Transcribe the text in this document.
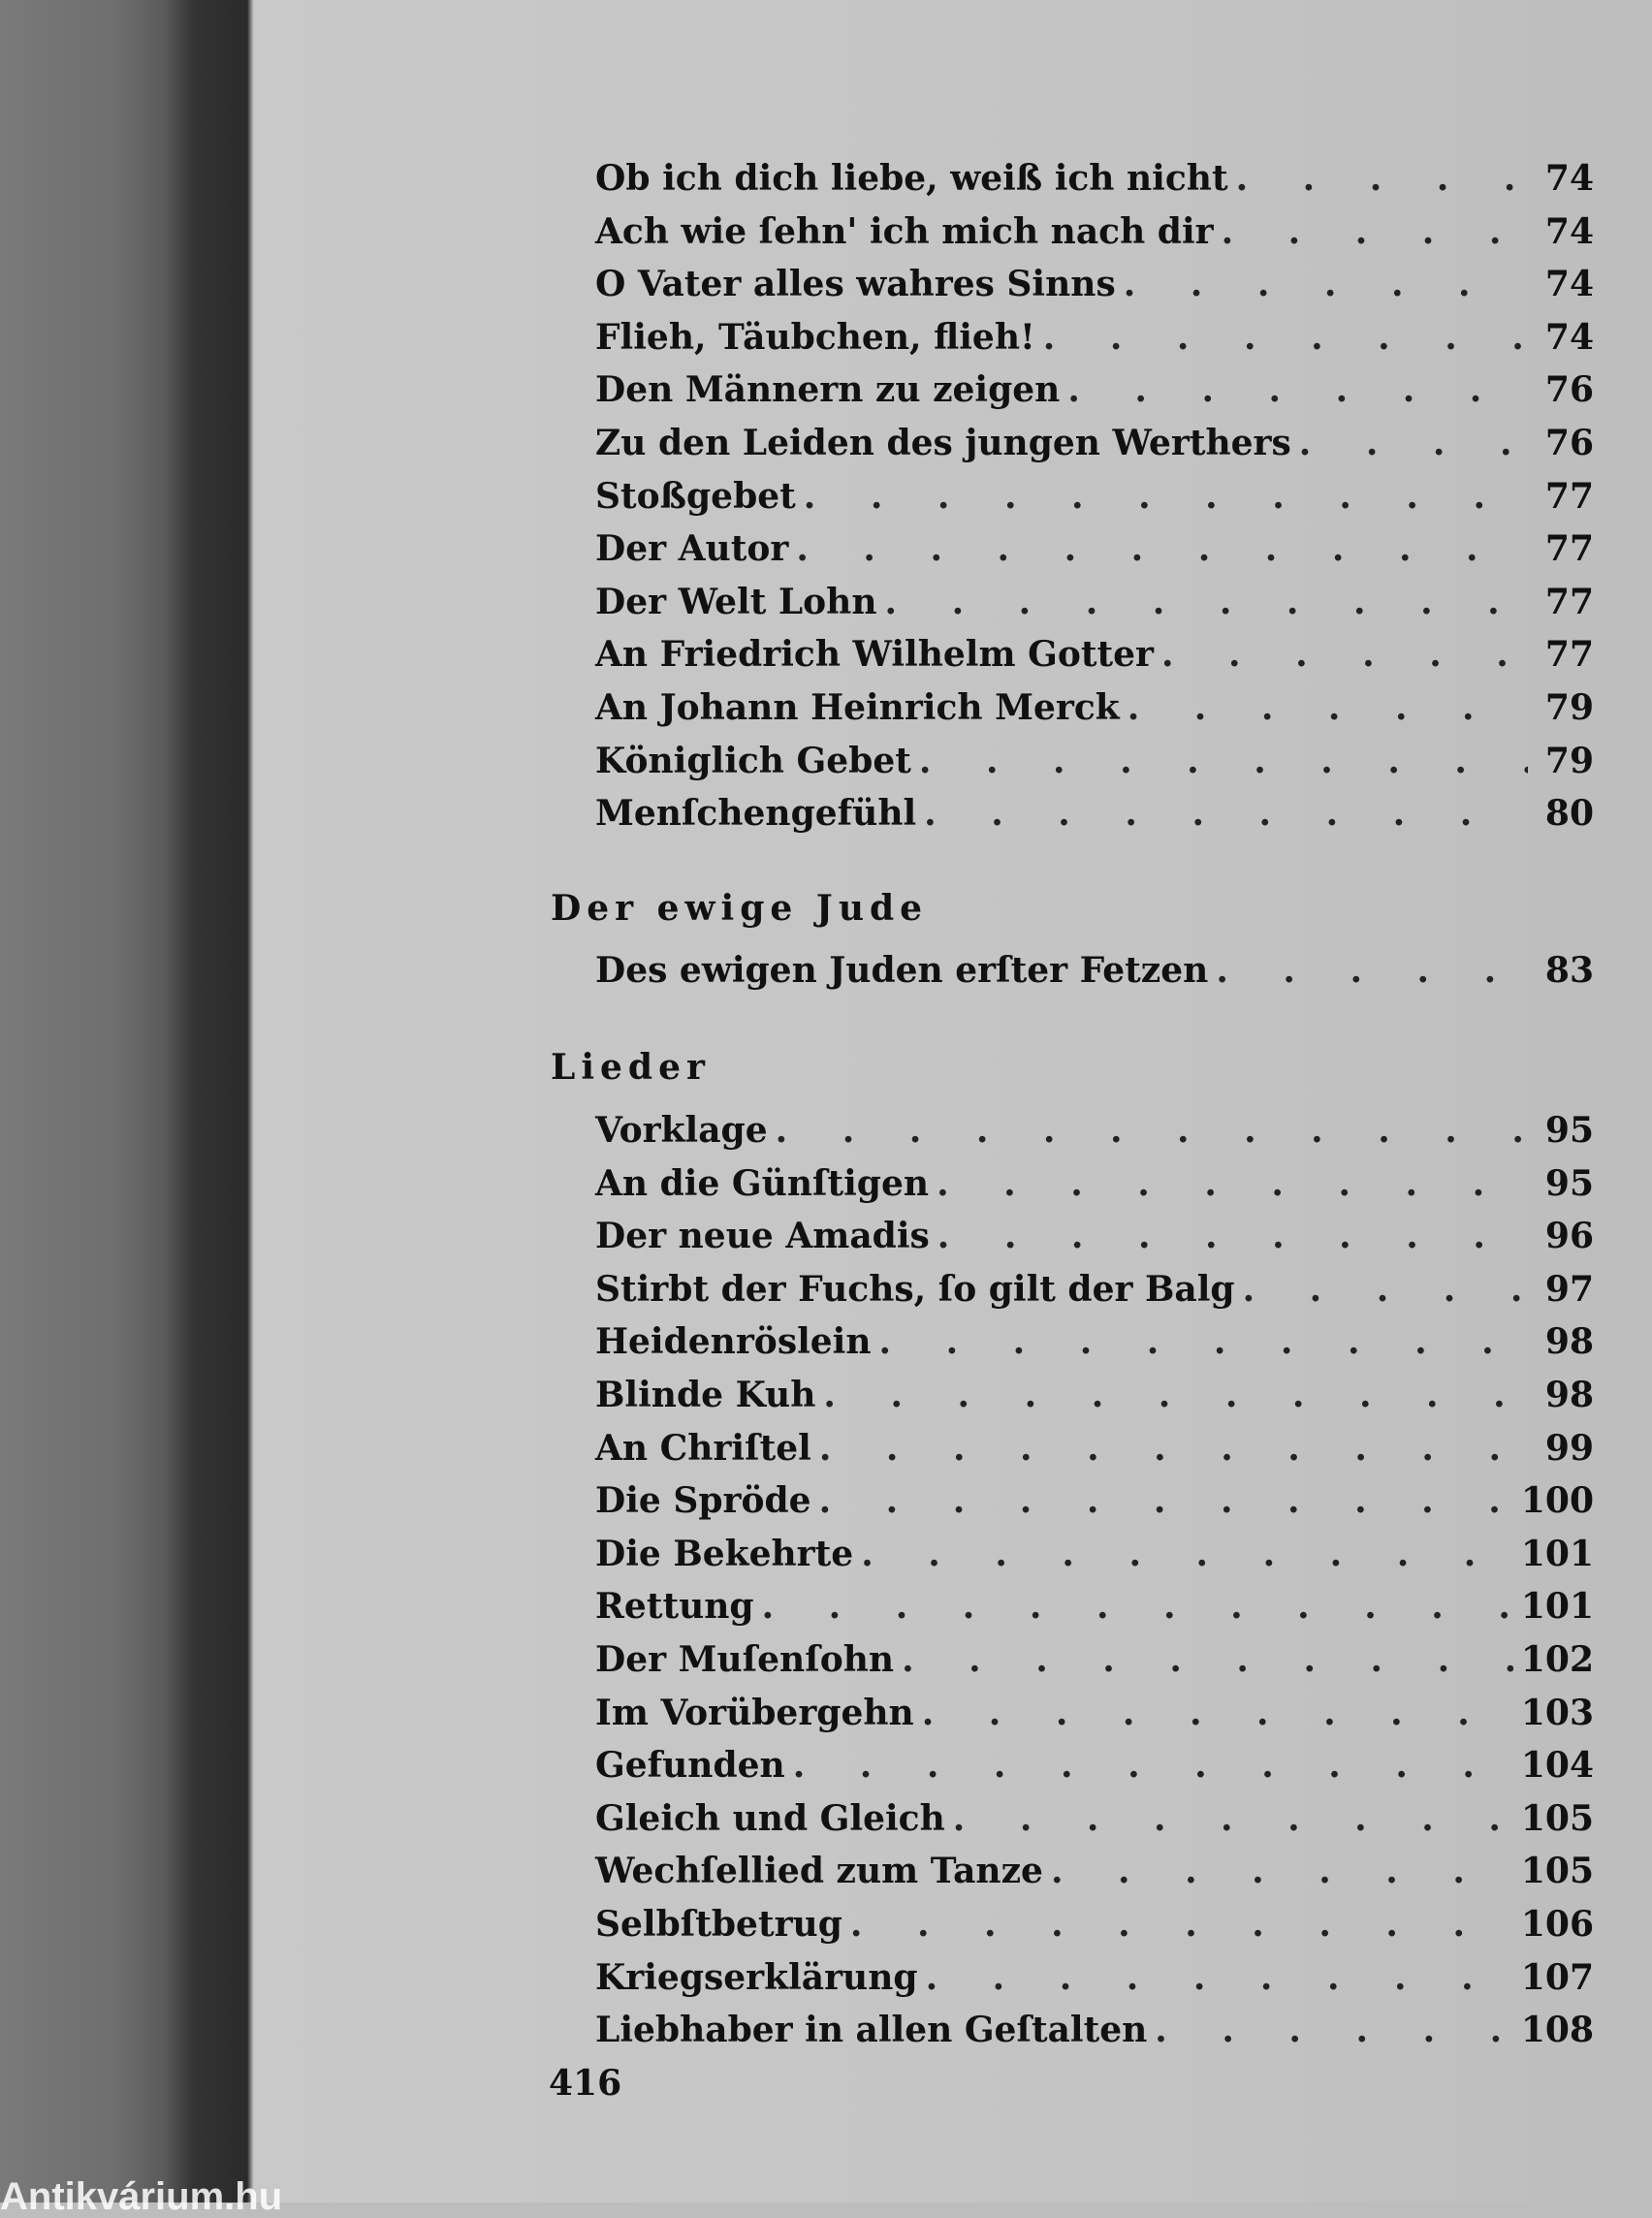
Ob ich dich liebe, weiß ich nicht . . .	74
Ach wie ſehn' ich mich nach dir . . .	74
O Vater alles wahres Sinns . . .	74
Flieh, Täubchen, flieh! . . .	74
Den Männern zu zeigen . . .	76
Zu den Leiden des jungen Werthers . . .	76
Stoßgebet . . .	77
Der Autor . . .	77
Der Welt Lohn . . .	77
An Friedrich Wilhelm Gotter . . .	77
An Johann Heinrich Merck . . .	79
Königlich Gebet . . .	79
Menſchengefühl . . .	80
Der ewige Jude
Des ewigen Juden erſter Fetzen . . .	83
Lieder
Vorklage . . .	95
An die Günſtigen . . .	95
Der neue Amadis . . .	96
Stirbt der Fuchs, ſo gilt der Balg . . .	97
Heidenröslein . . .	98
Blinde Kuh . . .	98
An Chriſtel . . .	99
Die Spröde . . .	100
Die Bekehrte . . .	101
Rettung . . .	101
Der Muſenſohn . . .	102
Im Vorübergehn . . .	103
Gefunden . . .	104
Gleich und Gleich . . .	105
Wechſellied zum Tanze . . .	105
Selbſtbetrug . . .	106
Kriegserklärung . . .	107
Liebhaber in allen Geſtalten . . .	108
416
Antikvárium.hu
